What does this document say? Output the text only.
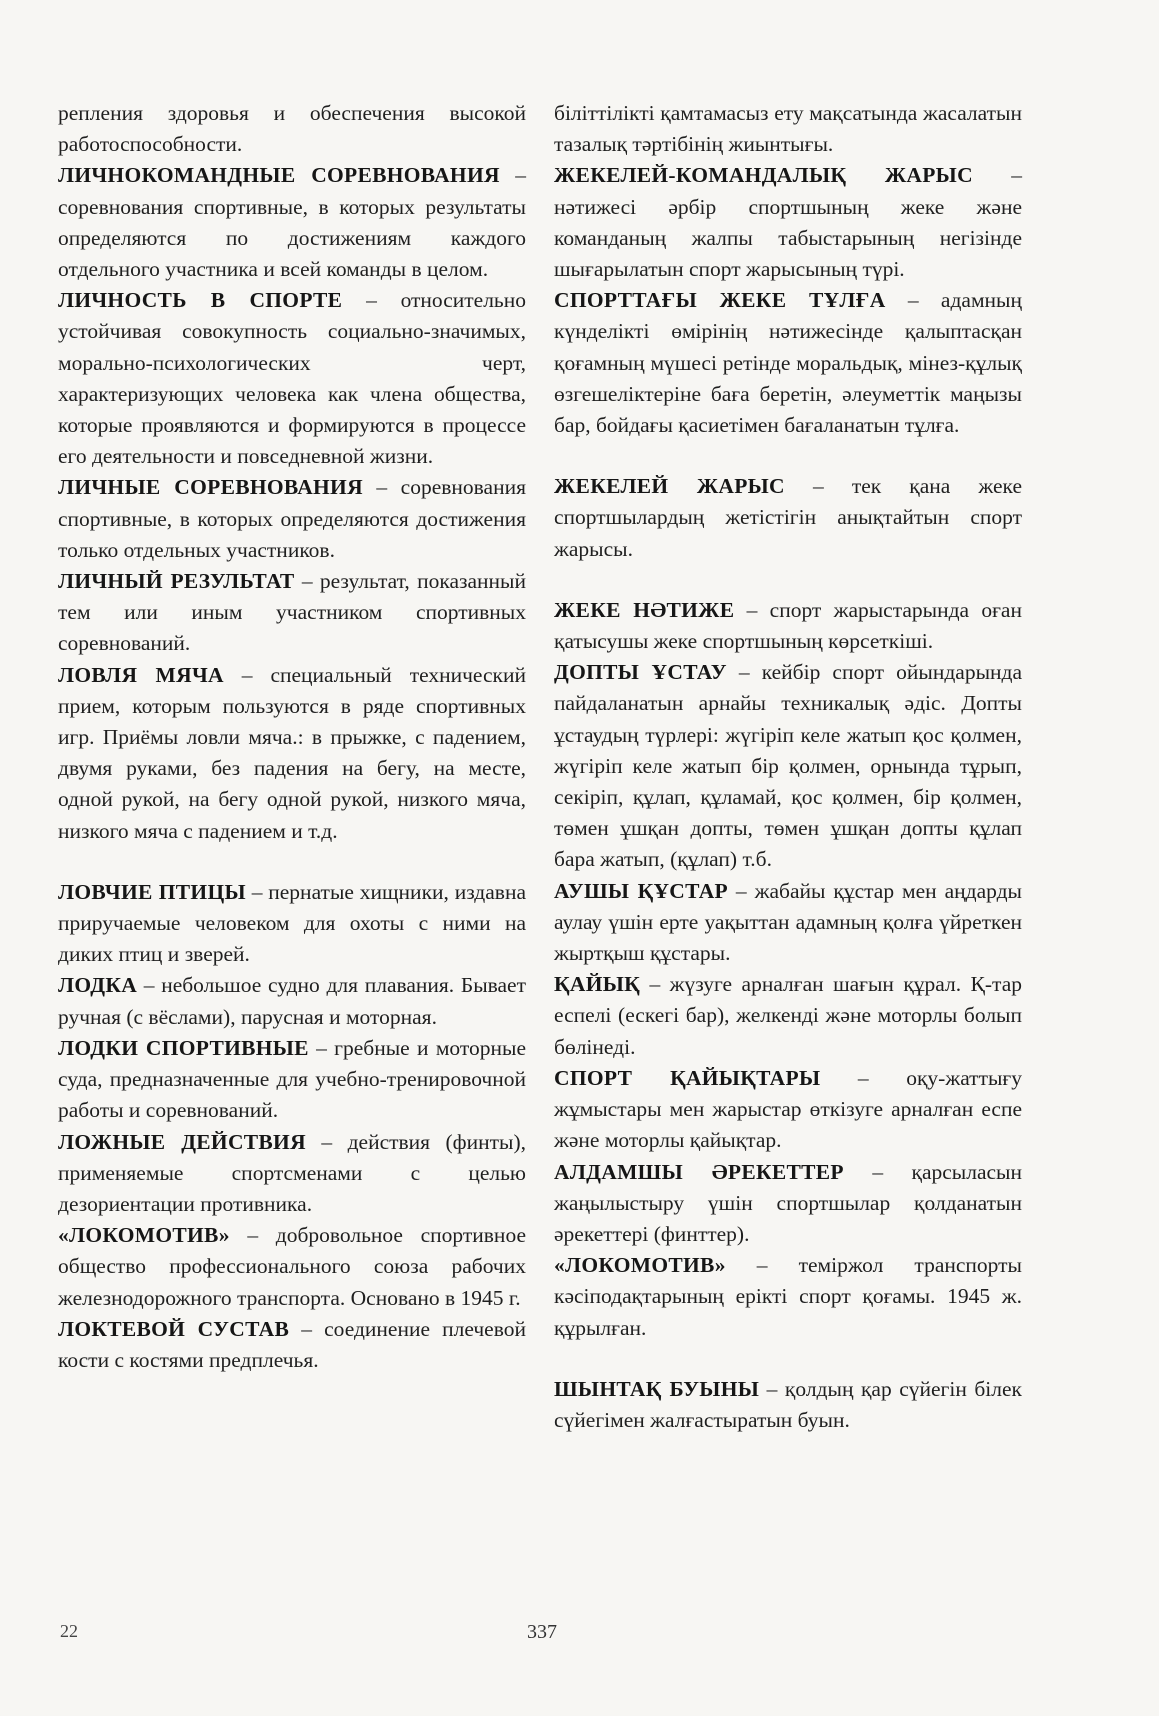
репления здоровья и обеспечения высокой работоспособности.

ЛИЧНОКОМАНДНЫЕ СОРЕВНОВАНИЯ – соревнования спортивные, в которых результаты определяются по достижениям каждого отдельного участника и всей команды в целом.

ЛИЧНОСТЬ В СПОРТЕ – относительно устойчивая совокупность социально-значимых, морально-психологических черт, характеризующих человека как члена общества, которые проявляются и формируются в процессе его деятельности и повседневной жизни.

ЛИЧНЫЕ СОРЕВНОВАНИЯ – соревнования спортивные, в которых определяются достижения только отдельных участников.

ЛИЧНЫЙ РЕЗУЛЬТАТ – результат, показанный тем или иным участником спортивных соревнований.

ЛОВЛЯ МЯЧА – специальный технический прием, которым пользуются в ряде спортивных игр. Приёмы ловли мяча.: в прыжке, с падением, двумя руками, без падения на бегу, на месте, одной рукой, на бегу одной рукой, низкого мяча, низкого мяча с падением и т.д.

ЛОВЧИЕ ПТИЦЫ – пернатые хищники, издавна приручаемые человеком для охоты с ними на диких птиц и зверей.

ЛОДКА – небольшое судно для плавания. Бывает ручная (с вёслами), парусная и моторная.

ЛОДКИ СПОРТИВНЫЕ – гребные и моторные суда, предназначенные для учебно-тренировочной работы и соревнований.

ЛОЖНЫЕ ДЕЙСТВИЯ – действия (финты), применяемые спортсменами с целью дезориентации противника.

«ЛОКОМОТИВ» – добровольное спортивное общество профессионального союза рабочих железнодорожного транспорта. Основано в 1945 г.

ЛОКТЕВОЙ СУСТАВ – соединение плечевой кости с костями предплечья.

біліттілікті қамтамасыз ету мақсатында жасалатын тазалық тәртібінің жиынтығы.

ЖЕКЕЛЕЙ-КОМАНДАЛЫҚ ЖАРЫС – нәтижесі әрбір спортшының жеке және команданың жалпы табыстарының негізінде шығарылатын спорт жарысының түрі.

СПОРТТАҒЫ ЖЕКЕ ТҰЛҒА – адамның күнделікті өмірінің нәтижесінде қалыптасқан қоғамның мүшесі ретінде моральдық, мінез-құлық өзгешеліктеріне баға беретін, әлеуметтік маңызы бар, бойдағы қасиетімен бағаланатын тұлға.

ЖЕКЕЛЕЙ ЖАРЫС – тек қана жеке спортшылардың жетістігін анықтайтын спорт жарысы.

ЖЕКЕ НӘТИЖЕ – спорт жарыстарында оған қатысушы жеке спортшының көрсеткіші.

ДОПТЫ ҰСТАУ – кейбір спорт ойындарында пайдаланатын арнайы техникалық әдіс. Допты ұстаудың түрлері: жүгіріп келе жатып қос қолмен, жүгіріп келе жатып бір қолмен, орнында тұрып, секіріп, құлап, құламай, қос қолмен, бір қолмен, төмен ұшқан допты, төмен ұшқан допты құлап бара жатып, (құлап) т.б.

АУШЫ ҚҰСТАР – жабайы құстар мен аңдарды аулау үшін ерте уақыттан адамның қолға үйреткен жыртқыш құстары.

ҚАЙЫҚ – жүзуге арналған шағын құрал. Қ-тар еспелі (ескегі бар), желкенді және моторлы болып бөлінеді.

СПОРТ ҚАЙЫҚТАРЫ – оқу-жаттығу жұмыстары мен жарыстар өткізуге арналған еспе және моторлы қайықтар.

АЛДАМШЫ ӘРЕКЕТТЕР – қарсыласын жаңылыстыру үшін спортшылар қолданатын әрекеттері (финттер).

«ЛОКОМОТИВ» – теміржол транспорты кәсіподақтарының ерікті спорт қоғамы. 1945 ж. құрылған.

ШЫНТАҚ БУЫНЫ – қолдың қар сүйегін білек сүйегімен жалғастыратын буын.

22	337
